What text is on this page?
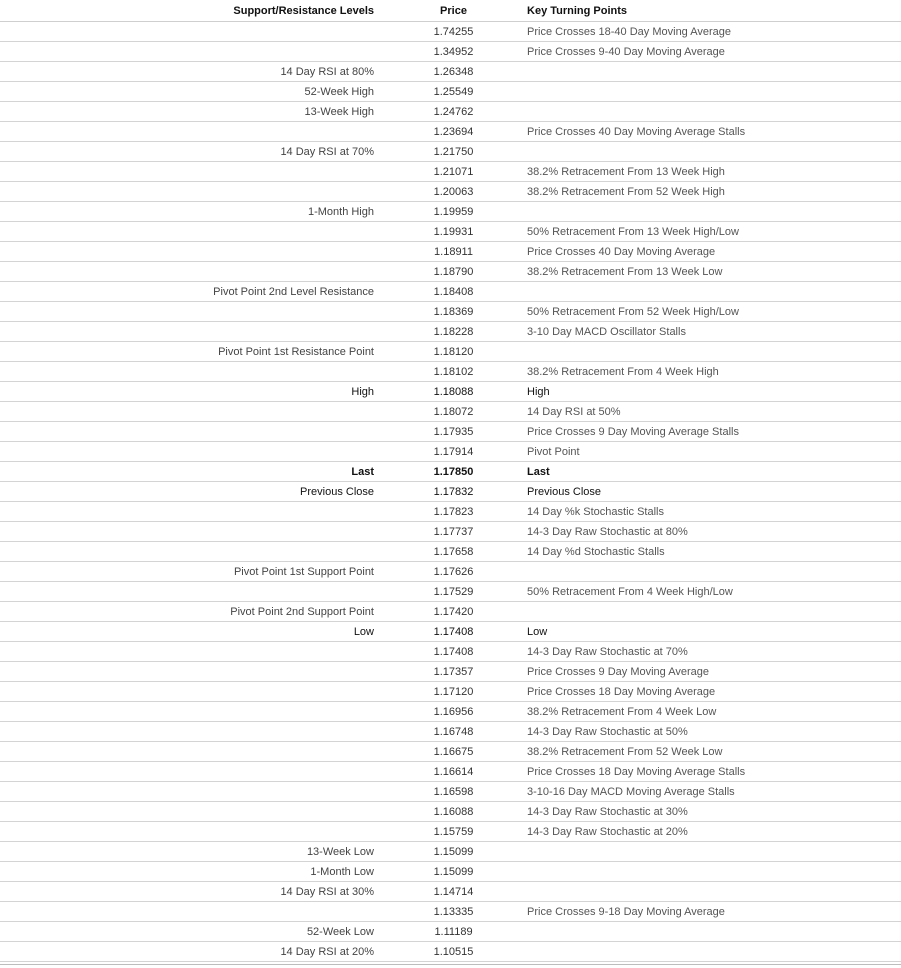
Support/Resistance Levels	Price	Key Turning Points
	1.74255	Price Crosses 18-40 Day Moving Average
	1.34952	Price Crosses 9-40 Day Moving Average
14 Day RSI at 80%	1.26348	
52-Week High	1.25549	
13-Week High	1.24762	
	1.23694	Price Crosses 40 Day Moving Average Stalls
14 Day RSI at 70%	1.21750	
	1.21071	38.2% Retracement From 13 Week High
	1.20063	38.2% Retracement From 52 Week High
1-Month High	1.19959	
	1.19931	50% Retracement From 13 Week High/Low
	1.18911	Price Crosses 40 Day Moving Average
	1.18790	38.2% Retracement From 13 Week Low
Pivot Point 2nd Level Resistance	1.18408	
	1.18369	50% Retracement From 52 Week High/Low
	1.18228	3-10 Day MACD Oscillator Stalls
Pivot Point 1st Resistance Point	1.18120	
	1.18102	38.2% Retracement From 4 Week High
High	1.18088	High
	1.18072	14 Day RSI at 50%
	1.17935	Price Crosses 9 Day Moving Average Stalls
	1.17914	Pivot Point
Last	1.17850	Last
Previous Close	1.17832	Previous Close
	1.17823	14 Day %k Stochastic Stalls
	1.17737	14-3 Day Raw Stochastic at 80%
	1.17658	14 Day %d Stochastic Stalls
Pivot Point 1st Support Point	1.17626	
	1.17529	50% Retracement From 4 Week High/Low
Pivot Point 2nd Support Point	1.17420	
Low	1.17408	Low
	1.17408	14-3 Day Raw Stochastic at 70%
	1.17357	Price Crosses 9 Day Moving Average
	1.17120	Price Crosses 18 Day Moving Average
	1.16956	38.2% Retracement From 4 Week Low
	1.16748	14-3 Day Raw Stochastic at 50%
	1.16675	38.2% Retracement From 52 Week Low
	1.16614	Price Crosses 18 Day Moving Average Stalls
	1.16598	3-10-16 Day MACD Moving Average Stalls
	1.16088	14-3 Day Raw Stochastic at 30%
	1.15759	14-3 Day Raw Stochastic at 20%
13-Week Low	1.15099	
1-Month Low	1.15099	
14 Day RSI at 30%	1.14714	
	1.13335	Price Crosses 9-18 Day Moving Average
52-Week Low	1.11189	
14 Day RSI at 20%	1.10515	
